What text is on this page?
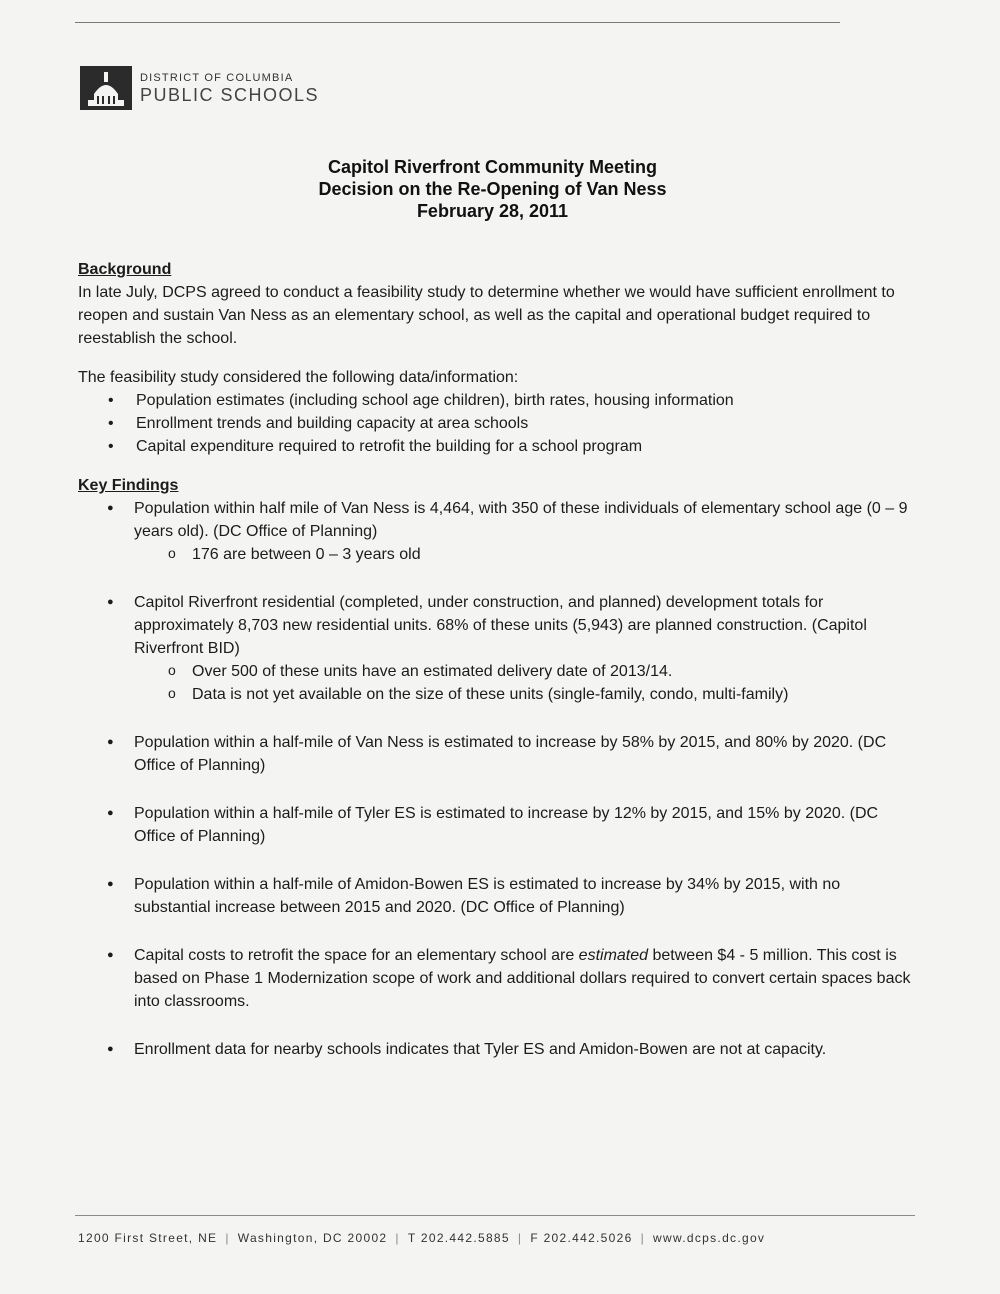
DISTRICT OF COLUMBIA
PUBLIC SCHOOLS
Capitol Riverfront Community Meeting
Decision on the Re-Opening of Van Ness
February 28, 2011

Background

In late July, DCPS agreed to conduct a feasibility study to determine whether we would have sufficient enrollment to reopen and sustain Van Ness as an elementary school, as well as the capital and operational budget required to reestablish the school.

The feasibility study considered the following data/information:

• Population estimates (including school age children), birth rates, housing information
• Enrollment trends and building capacity at area schools
• Capital expenditure required to retrofit the building for a school program

Key Findings

● Population within half mile of Van Ness is 4,464, with 350 of these individuals of elementary school age (0 – 9 years old). (DC Office of Planning)
o 176 are between 0 – 3 years old
● Capitol Riverfront residential (completed, under construction, and planned) development totals for approximately 8,703 new residential units. 68% of these units (5,943) are planned construction. (Capitol Riverfront BID)
o Over 500 of these units have an estimated delivery date of 2013/14.
o Data is not yet available on the size of these units (single-family, condo, multi-family)
● Population within a half-mile of Van Ness is estimated to increase by 58% by 2015, and 80% by 2020. (DC Office of Planning)
● Population within a half-mile of Tyler ES is estimated to increase by 12% by 2015, and 15% by 2020. (DC Office of Planning)
● Population within a half-mile of Amidon-Bowen ES is estimated to increase by 34% by 2015, with no substantial increase between 2015 and 2020. (DC Office of Planning)
● Capital costs to retrofit the space for an elementary school are estimated between $4 - 5 million. This cost is based on Phase 1 Modernization scope of work and additional dollars required to convert certain spaces back into classrooms.
● Enrollment data for nearby schools indicates that Tyler ES and Amidon-Bowen are not at capacity.
1200 First Street, NE | Washington, DC 20002 | T 202.442.5885 | F 202.442.5026 | www.dcps.dc.gov
